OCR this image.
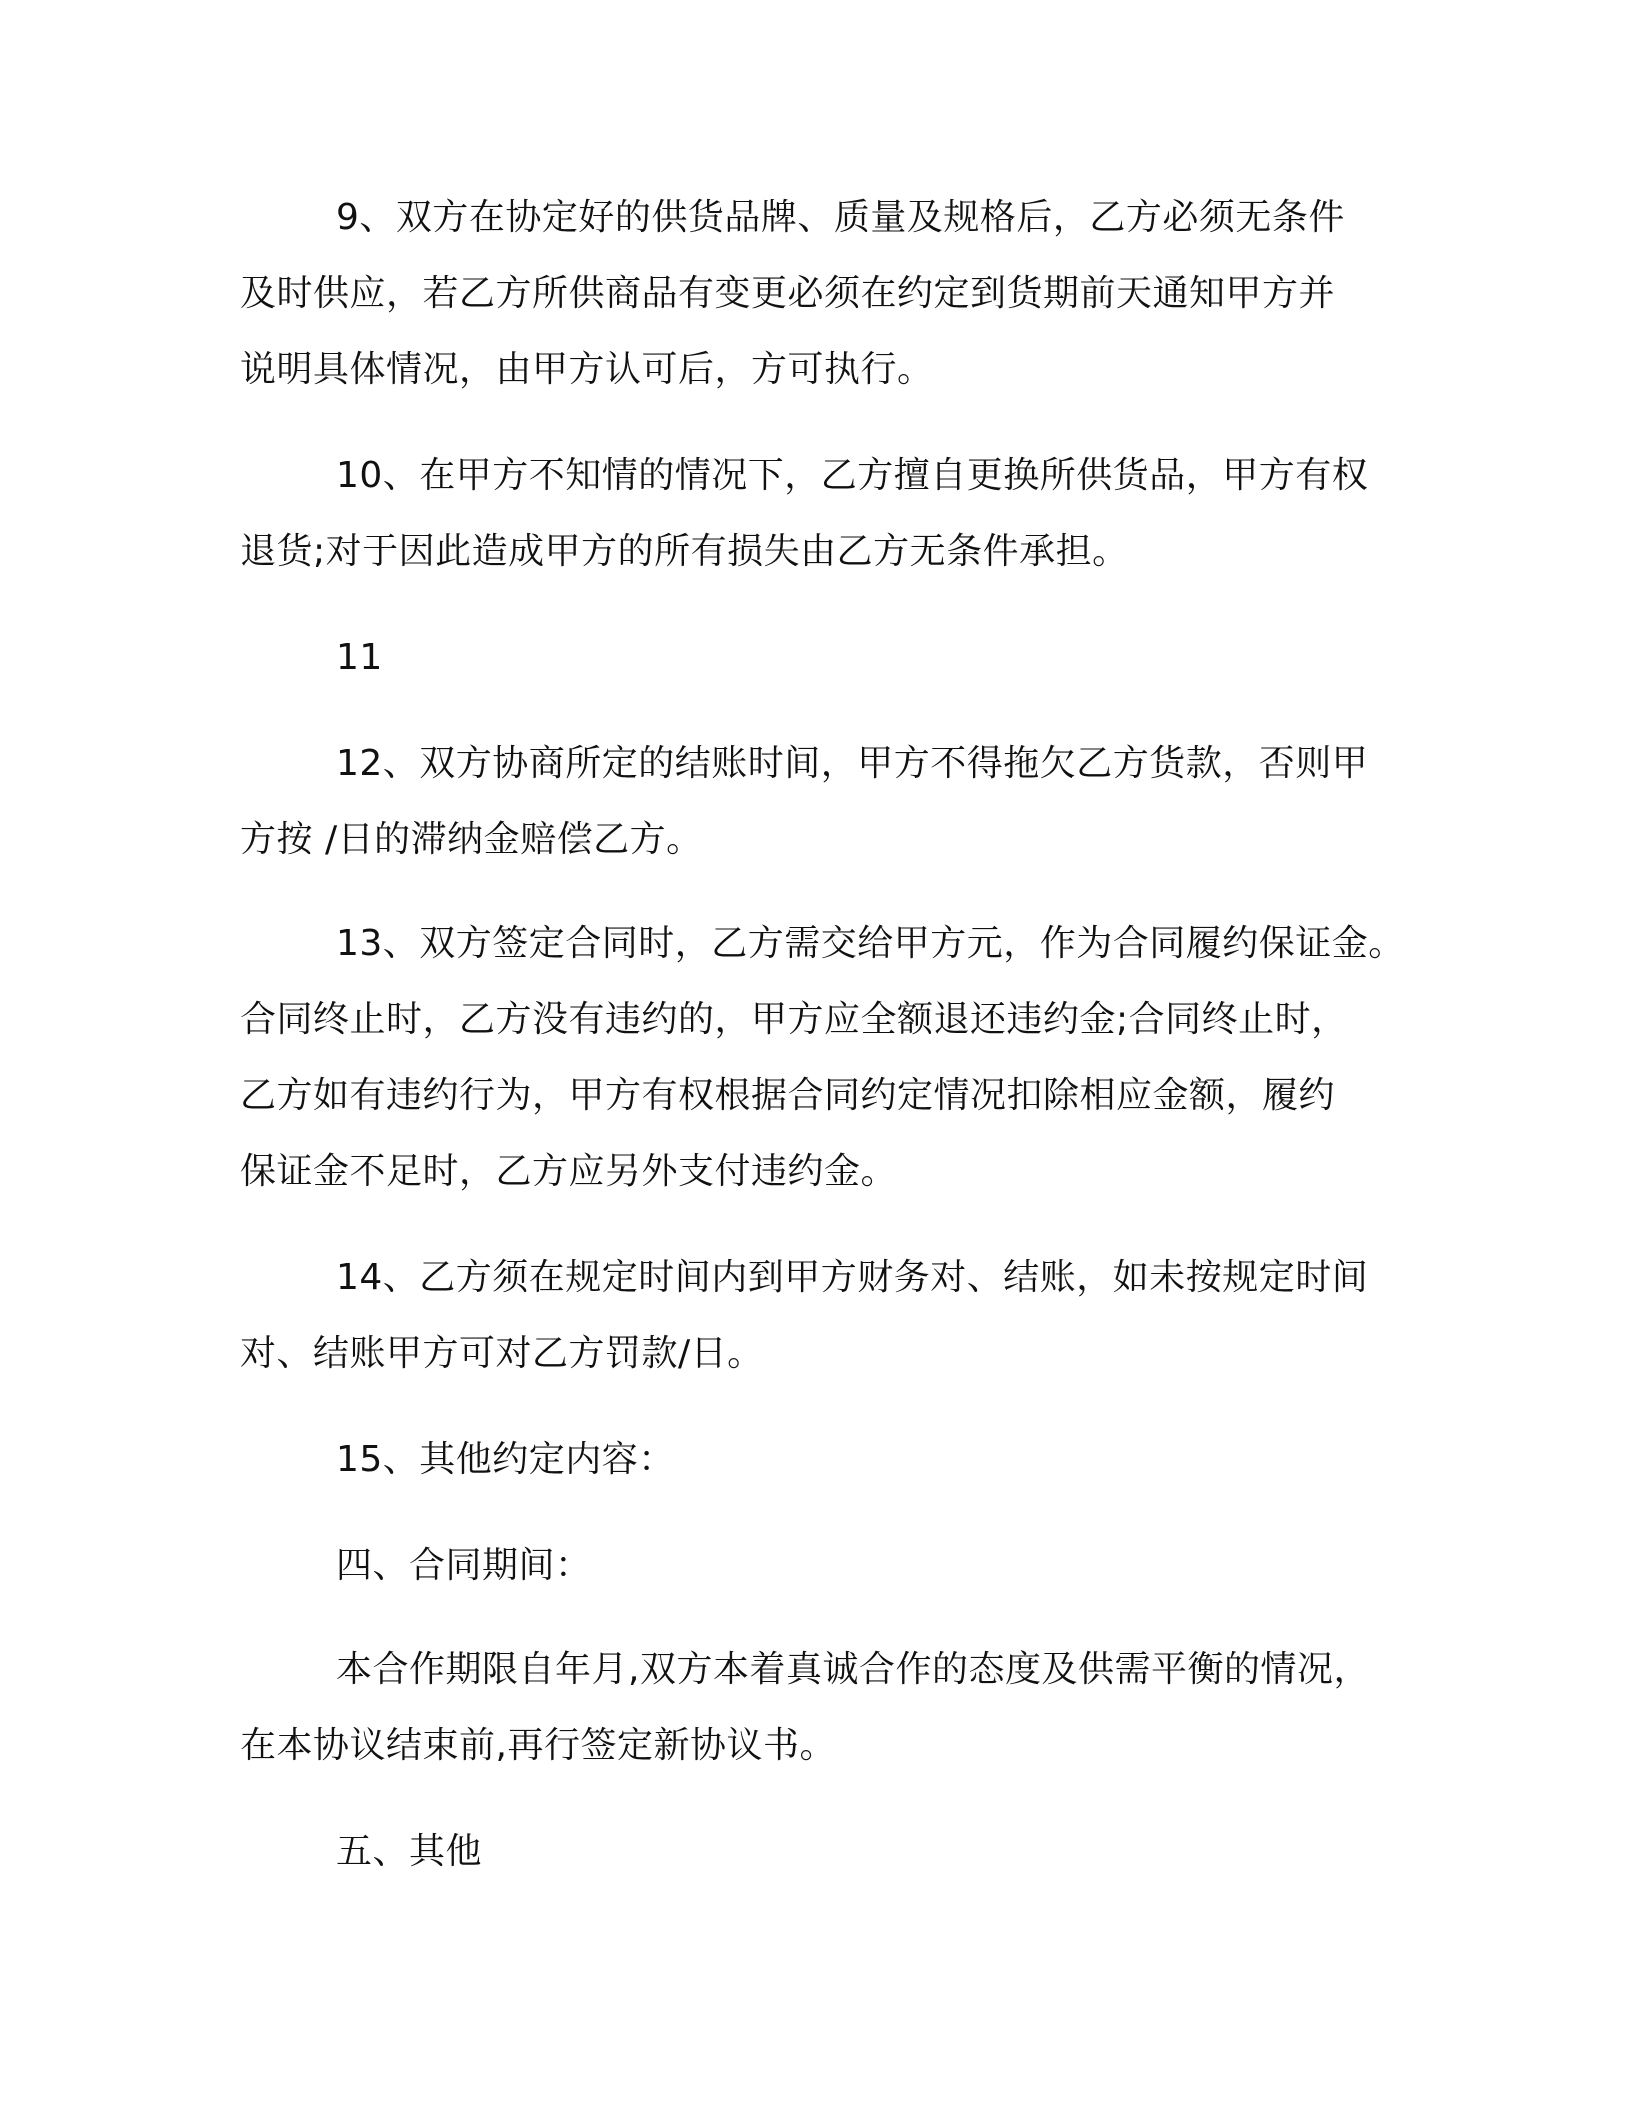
9、双方在协定好的供货品牌、质量及规格后，乙方必须无条件
及时供应，若乙方所供商品有变更必须在约定到货期前天通知甲方并
说明具体情况，由甲方认可后，方可执行。
10、在甲方不知情的情况下，乙方擅自更换所供货品，甲方有权
退货;对于因此造成甲方的所有损失由乙方无条件承担。
11
12、双方协商所定的结账时间，甲方不得拖欠乙方货款，否则甲
方按 /日的滞纳金赔偿乙方。
13、双方签定合同时，乙方需交给甲方元，作为合同履约保证金。
合同终止时，乙方没有违约的，甲方应全额退还违约金;合同终止时，
乙方如有违约行为，甲方有权根据合同约定情况扣除相应金额，履约
保证金不足时，乙方应另外支付违约金。
14、乙方须在规定时间内到甲方财务对、结账，如未按规定时间
对、结账甲方可对乙方罚款/日。
15、其他约定内容：
四、合同期间：
本合作期限自年月,双方本着真诚合作的态度及供需平衡的情况，
在本协议结束前,再行签定新协议书。
五、其他
